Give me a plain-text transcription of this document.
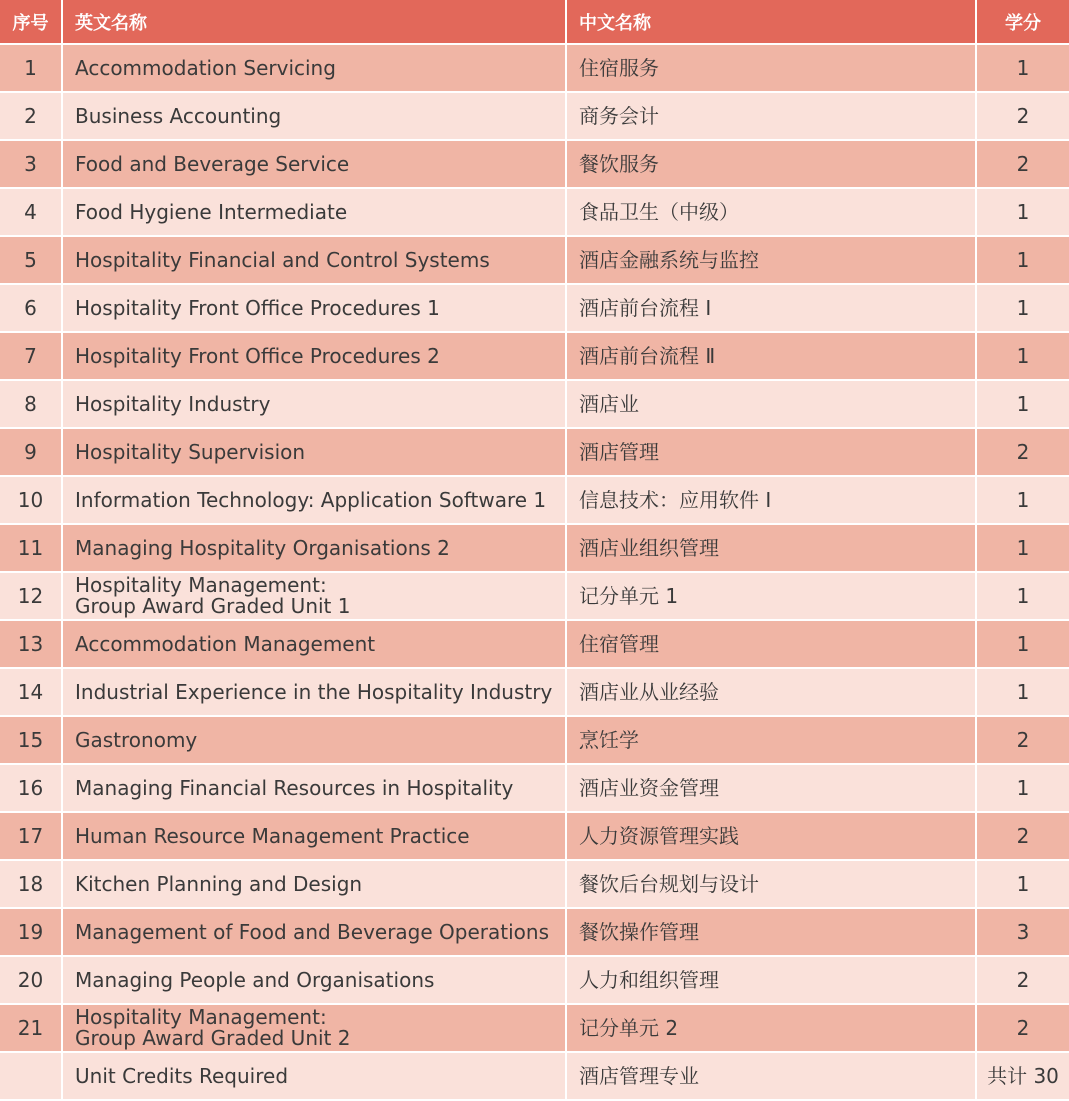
序号	英文名称	中文名称	学分
1	Accommodation Servicing	住宿服务	1
2	Business Accounting	商务会计	2
3	Food and Beverage Service	餐饮服务	2
4	Food Hygiene Intermediate	食品卫生（中级）	1
5	Hospitality Financial and Control Systems	酒店金融系统与监控	1
6	Hospitality Front Office Procedures 1	酒店前台流程 Ⅰ	1
7	Hospitality Front Office Procedures 2	酒店前台流程 Ⅱ	1
8	Hospitality Industry	酒店业	1
9	Hospitality Supervision	酒店管理	2
10	Information Technology: Application Software 1	信息技术：应用软件 Ⅰ	1
11	Managing Hospitality Organisations 2	酒店业组织管理	1
12	Hospitality Management:
Group Award Graded Unit 1	记分单元 1	1
13	Accommodation Management	住宿管理	1
14	Industrial Experience in the Hospitality Industry	酒店业从业经验	1
15	Gastronomy	烹饪学	2
16	Managing Financial Resources in Hospitality	酒店业资金管理	1
17	Human Resource Management Practice	人力资源管理实践	2
18	Kitchen Planning and Design	餐饮后台规划与设计	1
19	Management of Food and Beverage Operations	餐饮操作管理	3
20	Managing People and Organisations	人力和组织管理	2
21	Hospitality Management:
Group Award Graded Unit 2	记分单元 2	2
	Unit Credits Required	酒店管理专业	共计 30
